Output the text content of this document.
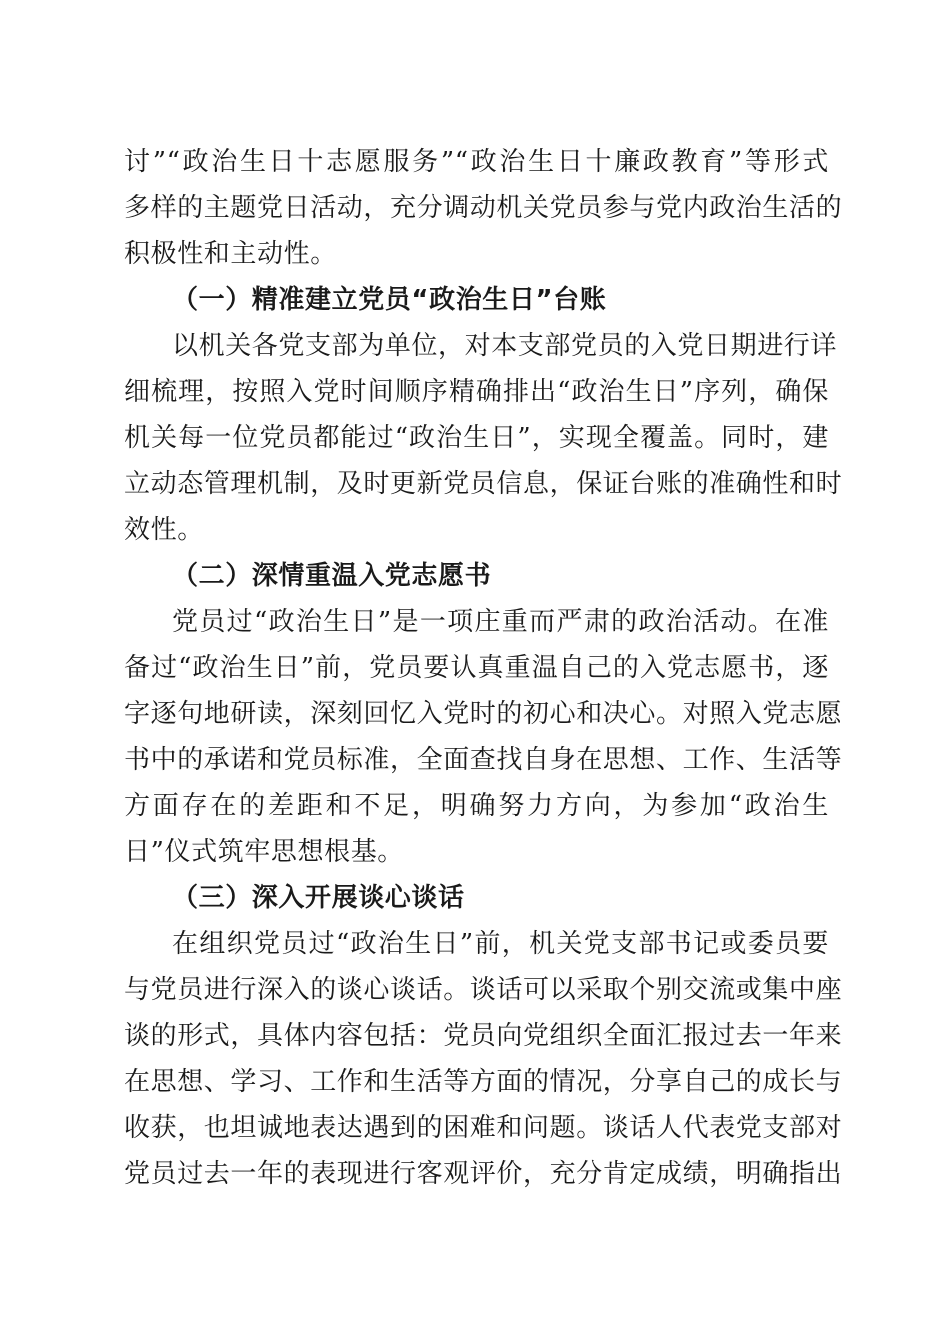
讨”“政治生日十志愿服务”“政治生日十廉政教育”等形式
多样的主题党日活动，充分调动机关党员参与党内政治生活的
积极性和主动性。
（一）精准建立党员“政治生日”台账
以机关各党支部为单位，对本支部党员的入党日期进行详
细梳理，按照入党时间顺序精确排出“政治生日”序列，确保
机关每一位党员都能过“政治生日”，实现全覆盖。同时，建
立动态管理机制，及时更新党员信息，保证台账的准确性和时
效性。
（二）深情重温入党志愿书
党员过“政治生日”是一项庄重而严肃的政治活动。在准
备过“政治生日”前，党员要认真重温自己的入党志愿书，逐
字逐句地研读，深刻回忆入党时的初心和决心。对照入党志愿
书中的承诺和党员标准，全面查找自身在思想、工作、生活等
方面存在的差距和不足，明确努力方向，为参加“政治生
日”仪式筑牢思想根基。
（三）深入开展谈心谈话
在组织党员过“政治生日”前，机关党支部书记或委员要
与党员进行深入的谈心谈话。谈话可以采取个别交流或集中座
谈的形式，具体内容包括：党员向党组织全面汇报过去一年来
在思想、学习、工作和生活等方面的情况，分享自己的成长与
收获，也坦诚地表达遇到的困难和问题。谈话人代表党支部对
党员过去一年的表现进行客观评价，充分肯定成绩，明确指出
